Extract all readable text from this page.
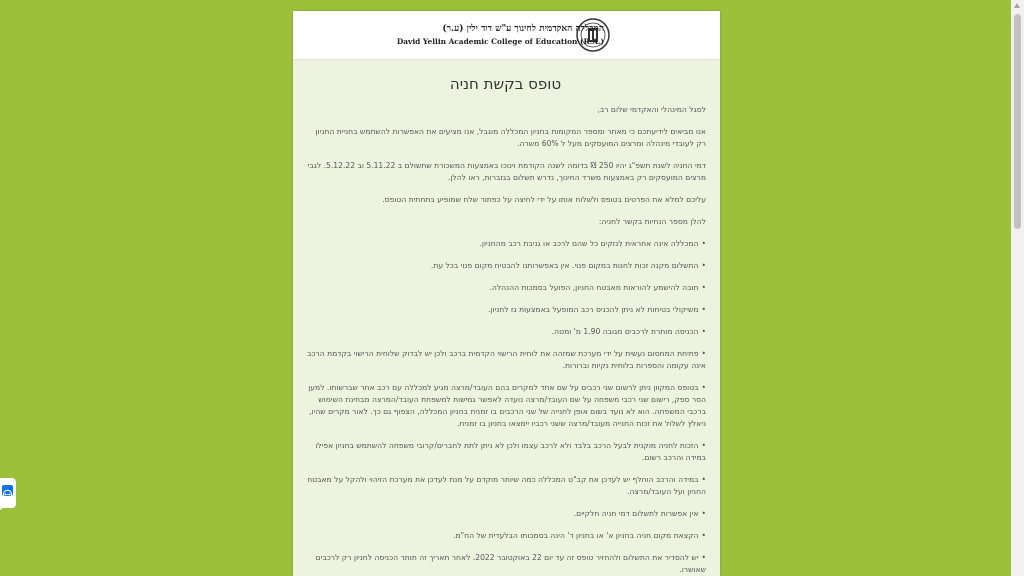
המכללה האקדמית לחינוך ע"ש דוד ילין (ע.ר)
David Yellin Academic College of Education (R.A.)
טופס בקשת חניה

לסגל המינהלי והאקדמי שלום רב,

אנו מביאים לידיעתכם כי מאחר ומספר המקומות בחניון המכללה מוגבל, אנו מציעים את האפשרות להשתמש בחניית החניון רק לעובדי מינהלה ומרצים המועסקים מעל ל 60% משרה.

דמי החניה לשנת תשפ"ג יהיו 250 ₪ בדומה לשנה הקודמת וינוכו באמצעות המשכורת שתשולם ב 5.11.22 וב 5.12.22. לגבי מרצים המועסקים רק באמצעות משרד החינוך, נדרש תשלום בגזברות, ראו להלן.

עליכם למלא את הפרטים בטופס ולשלוח אותו על ידי לחיצה על כפתור שלח שמופיע בתחתית הטופס.

להלן מספר הנחיות בקשר לחניה:

•המכללה אינה אחראית לנזקים כל שהם לרכב או גניבת רכב מהחניון.
•התשלום מקנה זכות לחנות במקום פנוי. אין באפשרותנו להבטיח מקום פנוי בכל עת.
•חובה להישמע להוראות מאבטח החניון, הפועל בסמכות ההנהלה.
•משיקולי בטיחות לא ניתן להכניס רכב המופעל באמצעות גז לחניון.
•הכניסה מותרת לרכבים מגובה 1.90 מ' ומטה.
•פתיחת המחסום נעשית על ידי מערכת שמזהה את לוחית הרישוי הקדמית ברכב ולכן יש לבדוק שלוחית הרישוי בקדמת הרכב אינה עקומה והספרות בלוחית נקיות וברורות.
•בטופס המקוון ניתן לרשום שני רכבים על שם אחד למקרים בהם העובד/מרצה מגיע למכללה עם רכב אחר שברשותו. למען הסר ספק, רישום שני רכבי משפחה על שם העובד/מרצה נועדה לאפשר גמישות למשפחת העובד/המרצה מבחינת השימוש ברכבי המשפחה. הוא לא נועד בשום אופן לחנייה של שני הרכבים בו זמנית בחניון המכללה, הצפוף גם כך. לאור מקרים שהיו, ניאלץ לשלול את זכות החנייה מעובד/מרצה ששני רכביו יימצאו בחניון בו זמנית.
•הזכות לחניה מוקנית לבעל הרכב בלבד ולא לרכב עצמו ולכן לא ניתן לתת לחברים/קרובי משפחה להשתמש בחניון אפילו במידה והרכב רשום.
•במידה והרכב הוחלף יש לעדכן את קב"ט המכללה כמה שיותר מוקדם על מנת לעדכן את מערכת הזיהוי ולהקל על מאבטח החניון ועל העובד/מרצה.
•אין אפשרות לתשלום דמי חניה חלקיים.
•הקצאת מקום חניה בחניון א' או בחניון ד' הינה בסמכותו הבלעדית של הח"מ.
•יש להסדיר את התשלום ולהחזיר טופס זה עד יום 22 באוקטובר 2022. לאחר תאריך זה תותר הכניסה לחניון רק לרכבים שאושרו.
